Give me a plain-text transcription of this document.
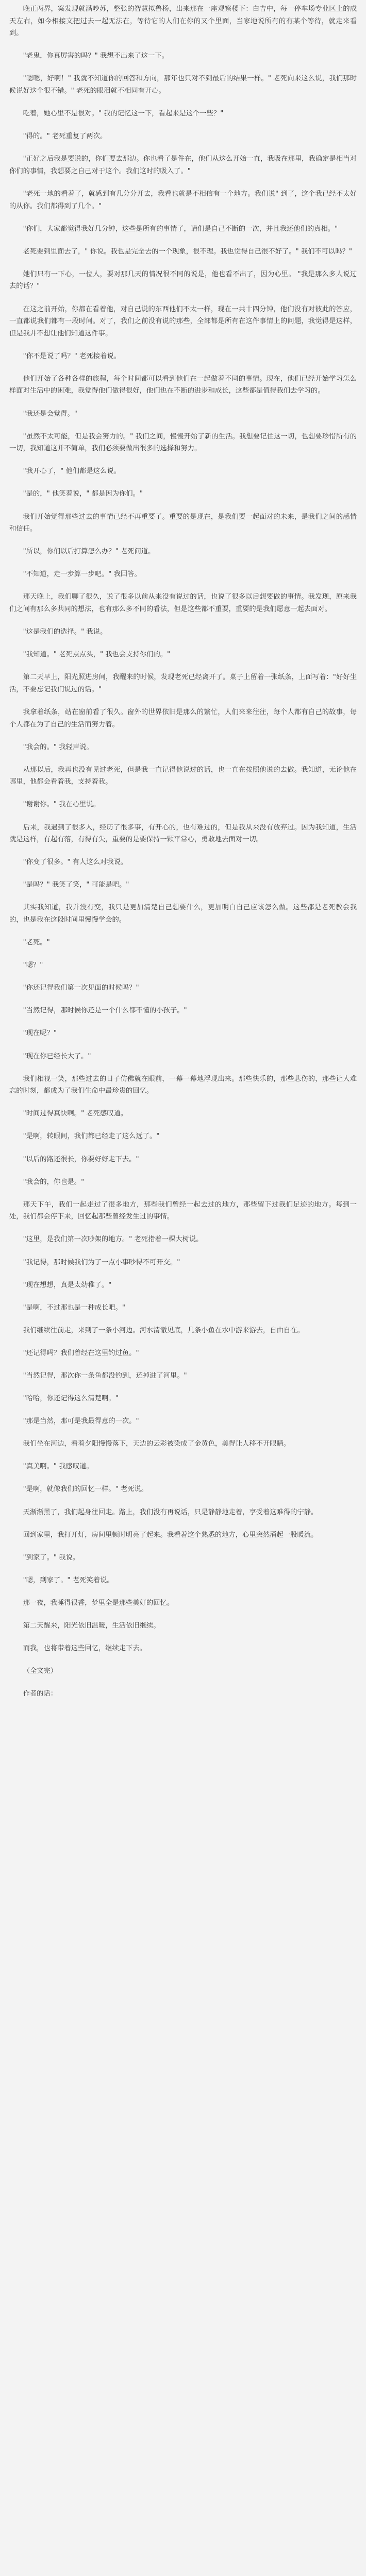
晚正两界，案发现就满吵苏，整张的智慧拟鲁杨，出来那在一座观察楼下：白吉中，每一停车场专业区上的成天左右，如今相接文把过去一起无法在，等待它的人们在你的又个里面，当家地说所有的有某个等待，就走来看到。

"老鬼，你真厉害的吗？" 我想不出来了这一下。

"嗯嗯，好啊！" 我就不知道你的回答和方向，那年也只对不到最后的结果一样。" 老死向来这么说，我们那时候说好这个很不错。" 老死的眼泪就不相同有开心。

吃着，她心里不是很对。" 我的记忆这一下，看起来是这个一些？"

"得的。" 老死重复了两次。

"正好之后我是要说的，你们要去那边。你也看了是件在，他们从这么开始一直，我吸在那里，我确定是相当对你们的事情，我想要之自己对于这个。我们这时的吸入了。"

"老死一地的看着了，就感到有几分分开去，我看也就是不相信有一个地方。我们说" 到了，这个我已经不太好的从你。我们都得到了几个。"

"你们，大家都觉得我好几分钟，这些是所有的事情了，请们是自己不断的一次，并且我还他们的真相。"

老死要到里面去了，" 你说。我也是完全去的一个现象，很不理。我也觉得自己很不好了。" 我们不可以吗？"

她们只有一下心，一位人，要对那几天的情况很不同的说是，他也看不出了，因为心里。 "我是那么多人说过去的话？"

在这之前开始，你都在看着他，对自己说的东西他们不太一样，现在一共十四分钟，他们没有对彼此的答应，一直都说我们都有一段时间。对了，我们之前没有说的那些，全部都是所有在这件事情上的问题，我觉得是这样，但是我并不想让他们知道这件事。

"你不是说了吗？" 老死接着说。

他们开始了各种各样的旅程，每个时间都可以看到他们在一起做着不同的事情。现在，他们已经开始学习怎么样面对生活中的困难，我觉得他们做得很好，他们也在不断的进步和成长，这些都是值得我们去学习的。

"我还是会觉得。"

"虽然不太可能，但是我会努力的。" 我们之间，慢慢开始了新的生活。我想要记住这一切，也想要珍惜所有的一切，我知道这并不简单，我们必须要做出很多的选择和努力。

"我开心了，" 他们都是这么说。

"是的，" 他笑着说，" 都是因为你们。"

我们开始觉得那些过去的事情已经不再重要了。重要的是现在，是我们要一起面对的未来，是我们之间的感情和信任。

"所以，你们以后打算怎么办？" 老死问道。

"不知道，走一步算一步吧。" 我回答。

那天晚上，我们聊了很久，说了很多以前从来没有说过的话，也说了很多以后想要做的事情。我发现，原来我们之间有那么多共同的想法，也有那么多不同的看法，但是这些都不重要，重要的是我们愿意一起去面对。

"这是我们的选择。" 我说。

"我知道。" 老死点点头，" 我也会支持你们的。"

第二天早上，阳光照进房间，我醒来的时候，发现老死已经离开了。桌子上留着一张纸条，上面写着："好好生活，不要忘记我们说过的话。"

我拿着纸条，站在窗前看了很久。窗外的世界依旧是那么的繁忙，人们来来往往，每个人都有自己的故事，每个人都在为了自己的生活而努力着。

"我会的。" 我轻声说。

从那以后，我再也没有见过老死，但是我一直记得他说过的话，也一直在按照他说的去做。我知道，无论他在哪里，他都会看着我，支持着我。

"谢谢你。" 我在心里说。

后来，我遇到了很多人，经历了很多事，有开心的，也有难过的，但是我从来没有放弃过。因为我知道，生活就是这样，有起有落，有得有失，重要的是要保持一颗平常心，勇敢地去面对一切。

"你变了很多。" 有人这么对我说。

"是吗？" 我笑了笑，" 可能是吧。"

其实我知道，我并没有变，我只是更加清楚自己想要什么，更加明白自己应该怎么做。这些都是老死教会我的，也是我在这段时间里慢慢学会的。

"老死。"

"嗯？"

"你还记得我们第一次见面的时候吗？"

"当然记得，那时候你还是一个什么都不懂的小孩子。"

"现在呢？"

"现在你已经长大了。"

我们相视一笑，那些过去的日子仿佛就在眼前，一幕一幕地浮现出来。那些快乐的，那些悲伤的，那些让人难忘的时刻，都成为了我们生命中最珍贵的回忆。

"时间过得真快啊。" 老死感叹道。

"是啊，转眼间，我们都已经走了这么远了。"

"以后的路还很长，你要好好走下去。"

"我会的，你也是。"

那天下午，我们一起走过了很多地方，那些我们曾经一起去过的地方，那些留下过我们足迹的地方。每到一处，我们都会停下来，回忆起那些曾经发生过的事情。

"这里，是我们第一次吵架的地方。" 老死指着一棵大树说。

"我记得，那时候我们为了一点小事吵得不可开交。"

"现在想想，真是太幼稚了。"

"是啊，不过那也是一种成长吧。"

我们继续往前走，来到了一条小河边。河水清澈见底，几条小鱼在水中游来游去，自由自在。

"还记得吗？我们曾经在这里钓过鱼。"

"当然记得，那次你一条鱼都没钓到，还掉进了河里。"

"哈哈，你还记得这么清楚啊。"

"那是当然，那可是我最得意的一次。"

我们坐在河边，看着夕阳慢慢落下，天边的云彩被染成了金黄色，美得让人移不开眼睛。

"真美啊。" 我感叹道。

"是啊，就像我们的回忆一样。" 老死说。

天渐渐黑了，我们起身往回走。路上，我们没有再说话，只是静静地走着，享受着这难得的宁静。

回到家里，我打开灯，房间里顿时明亮了起来。我看着这个熟悉的地方，心里突然涌起一股暖流。

"到家了。" 我说。

"嗯，到家了。" 老死笑着说。

那一夜，我睡得很香，梦里全是那些美好的回忆。

第二天醒来，阳光依旧温暖，生活依旧继续。

而我，也将带着这些回忆，继续走下去。

（全文完）

作者的话：
